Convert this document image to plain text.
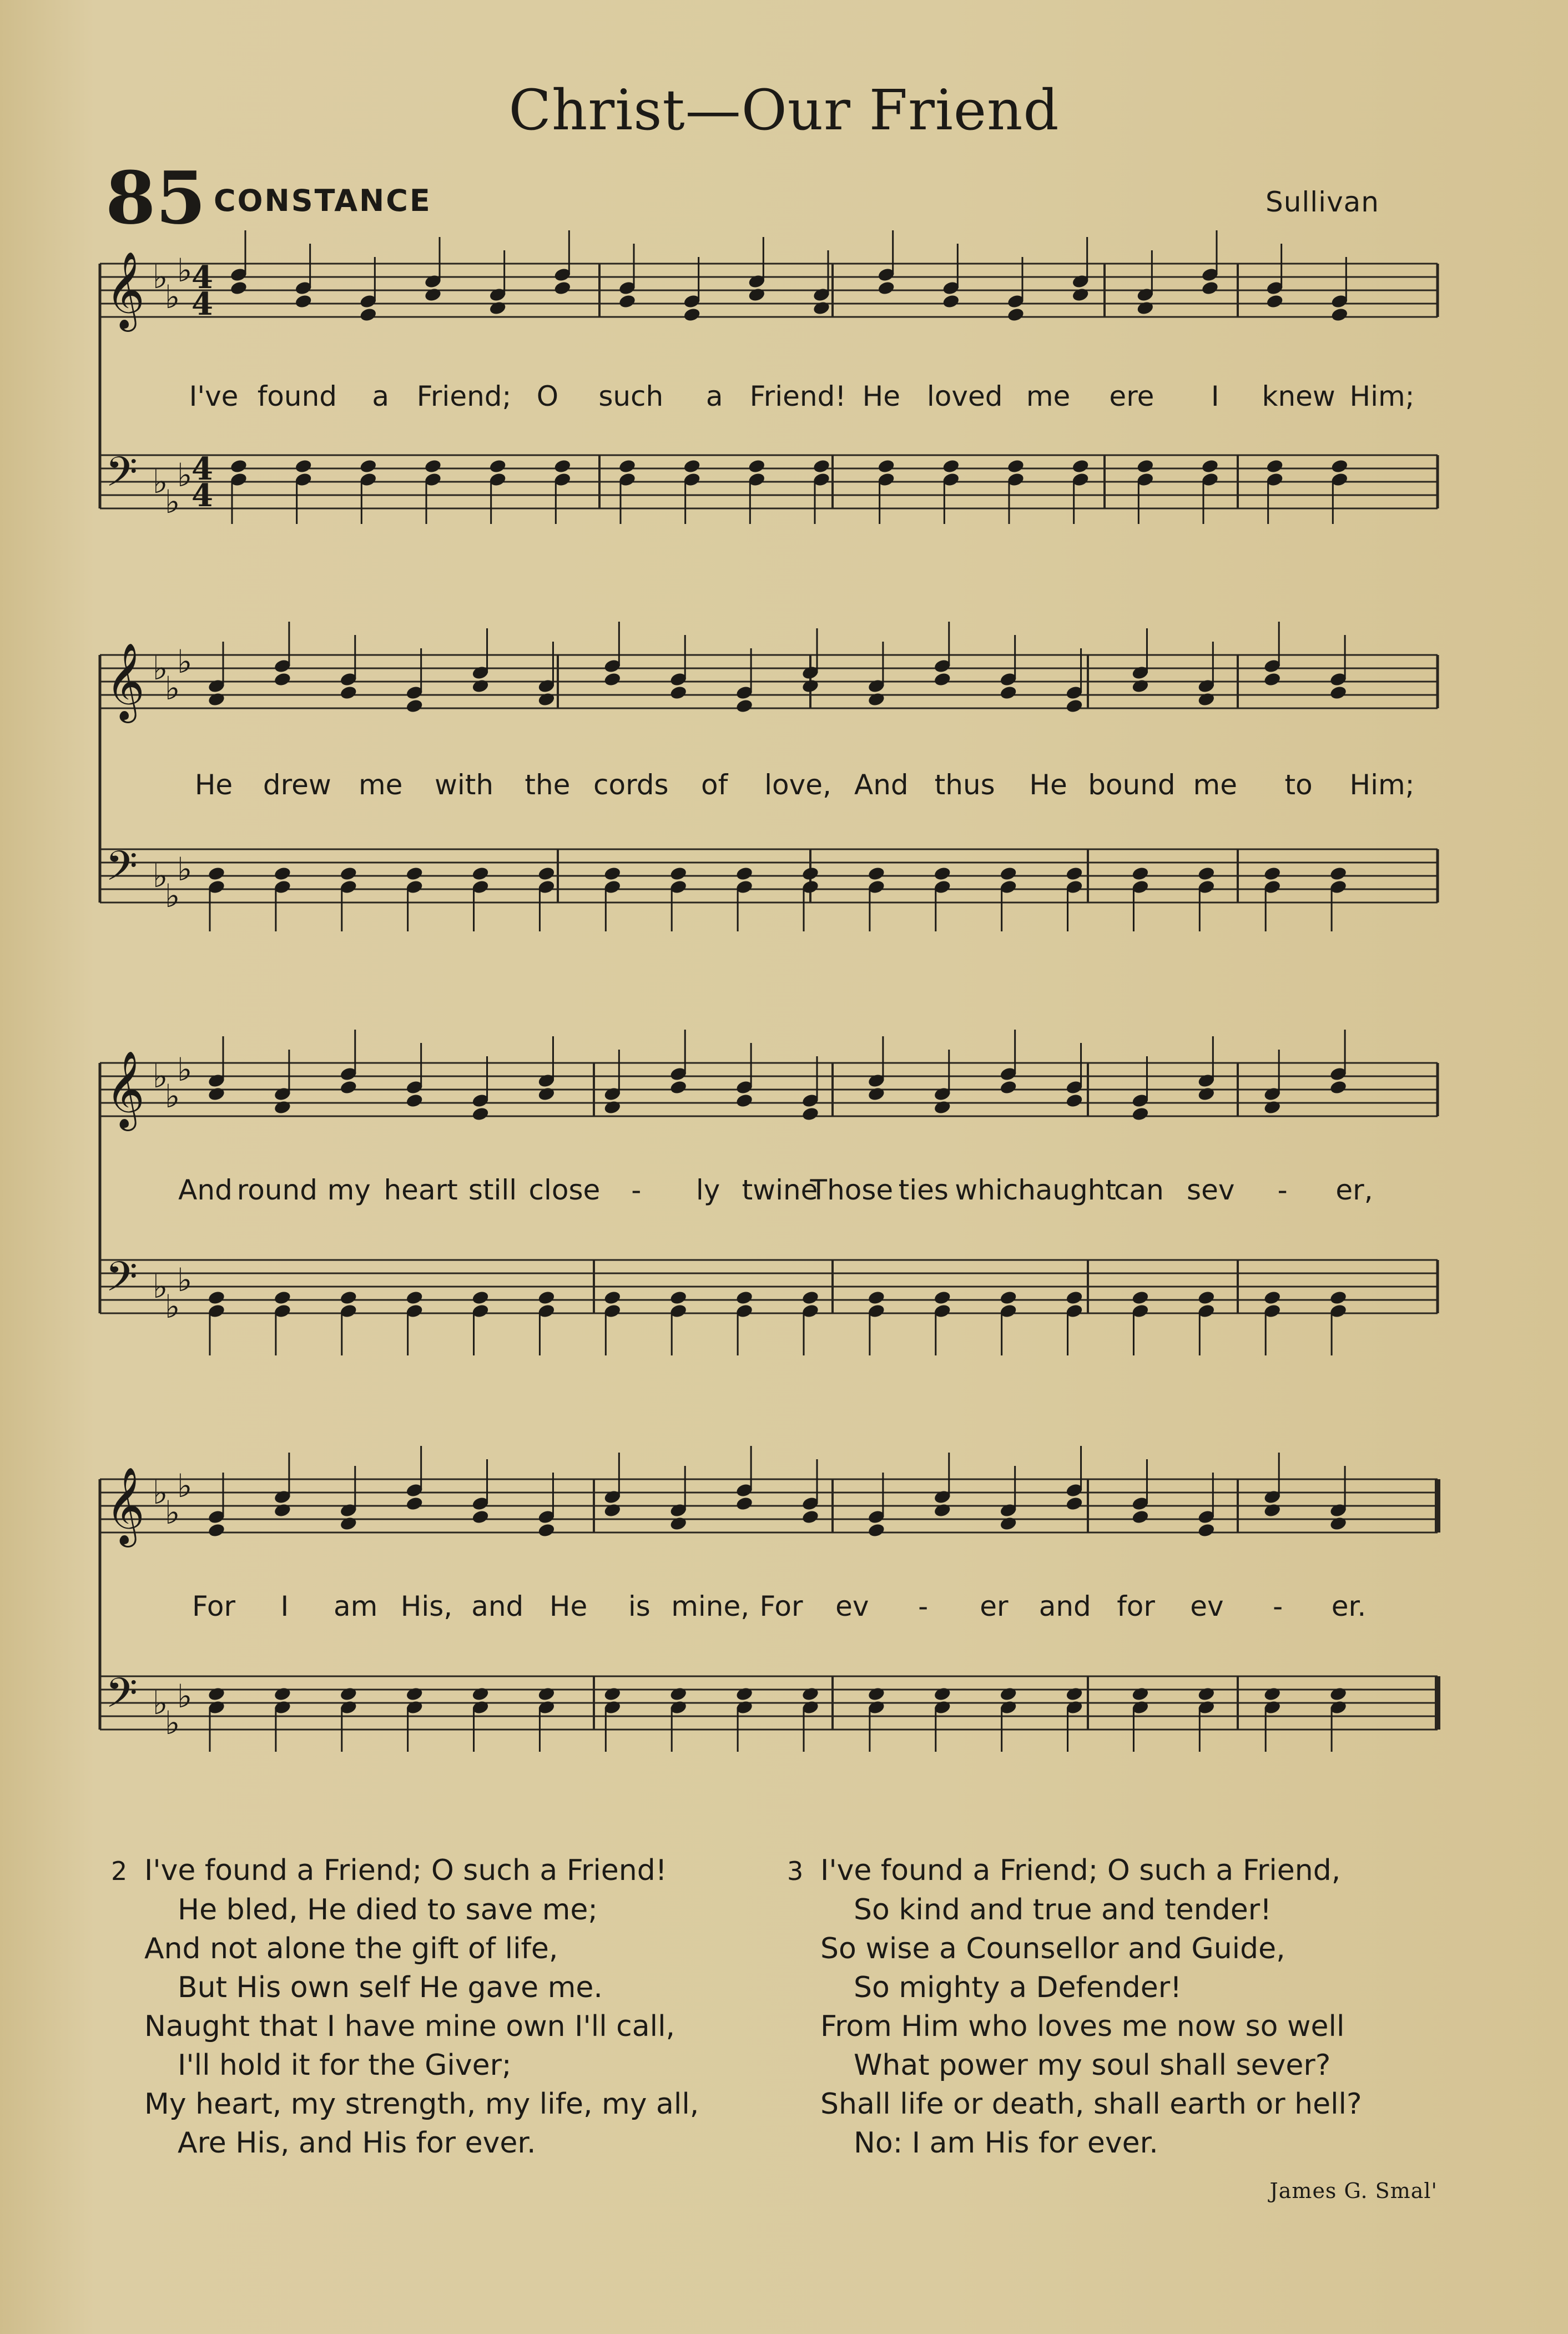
Christ—Our Friend
85 CONSTANCE	Sullivan
𝄞
𝄢
♭
♭
♭
♭
♭
♭
4
4
4
4
𝄞
𝄢
♭
♭
♭
♭
♭
♭
𝄞
𝄢
♭
♭
♭
♭
♭
♭
𝄞
𝄢
♭
♭
♭
♭
♭
♭
I've found a Friend; O such a Friend! He loved me ere I knew Him;
He drew me with the cords of love, And thus He bound me to Him;
And round my heart still close - ly twine
Those ties which
naught
can sev - er,
For I am His, and He is mine, For ev - er and for ev - er.
2 I've found a Friend; O such a Friend!
He bled, He died to save me;
And not alone the gift of life,
But His own self He gave me.
Naught that I have mine own I'll call,
I'll hold it for the Giver;
My heart, my strength, my life, my all,
Are His, and His for ever.
3 I've found a Friend; O such a Friend,
So kind and true and tender!
So wise a Counsellor and Guide,
So mighty a Defender!
From Him who loves me now so well
What power my soul shall sever?
Shall life or death, shall earth or hell?
No: I am His for ever.
James G. Smal'
